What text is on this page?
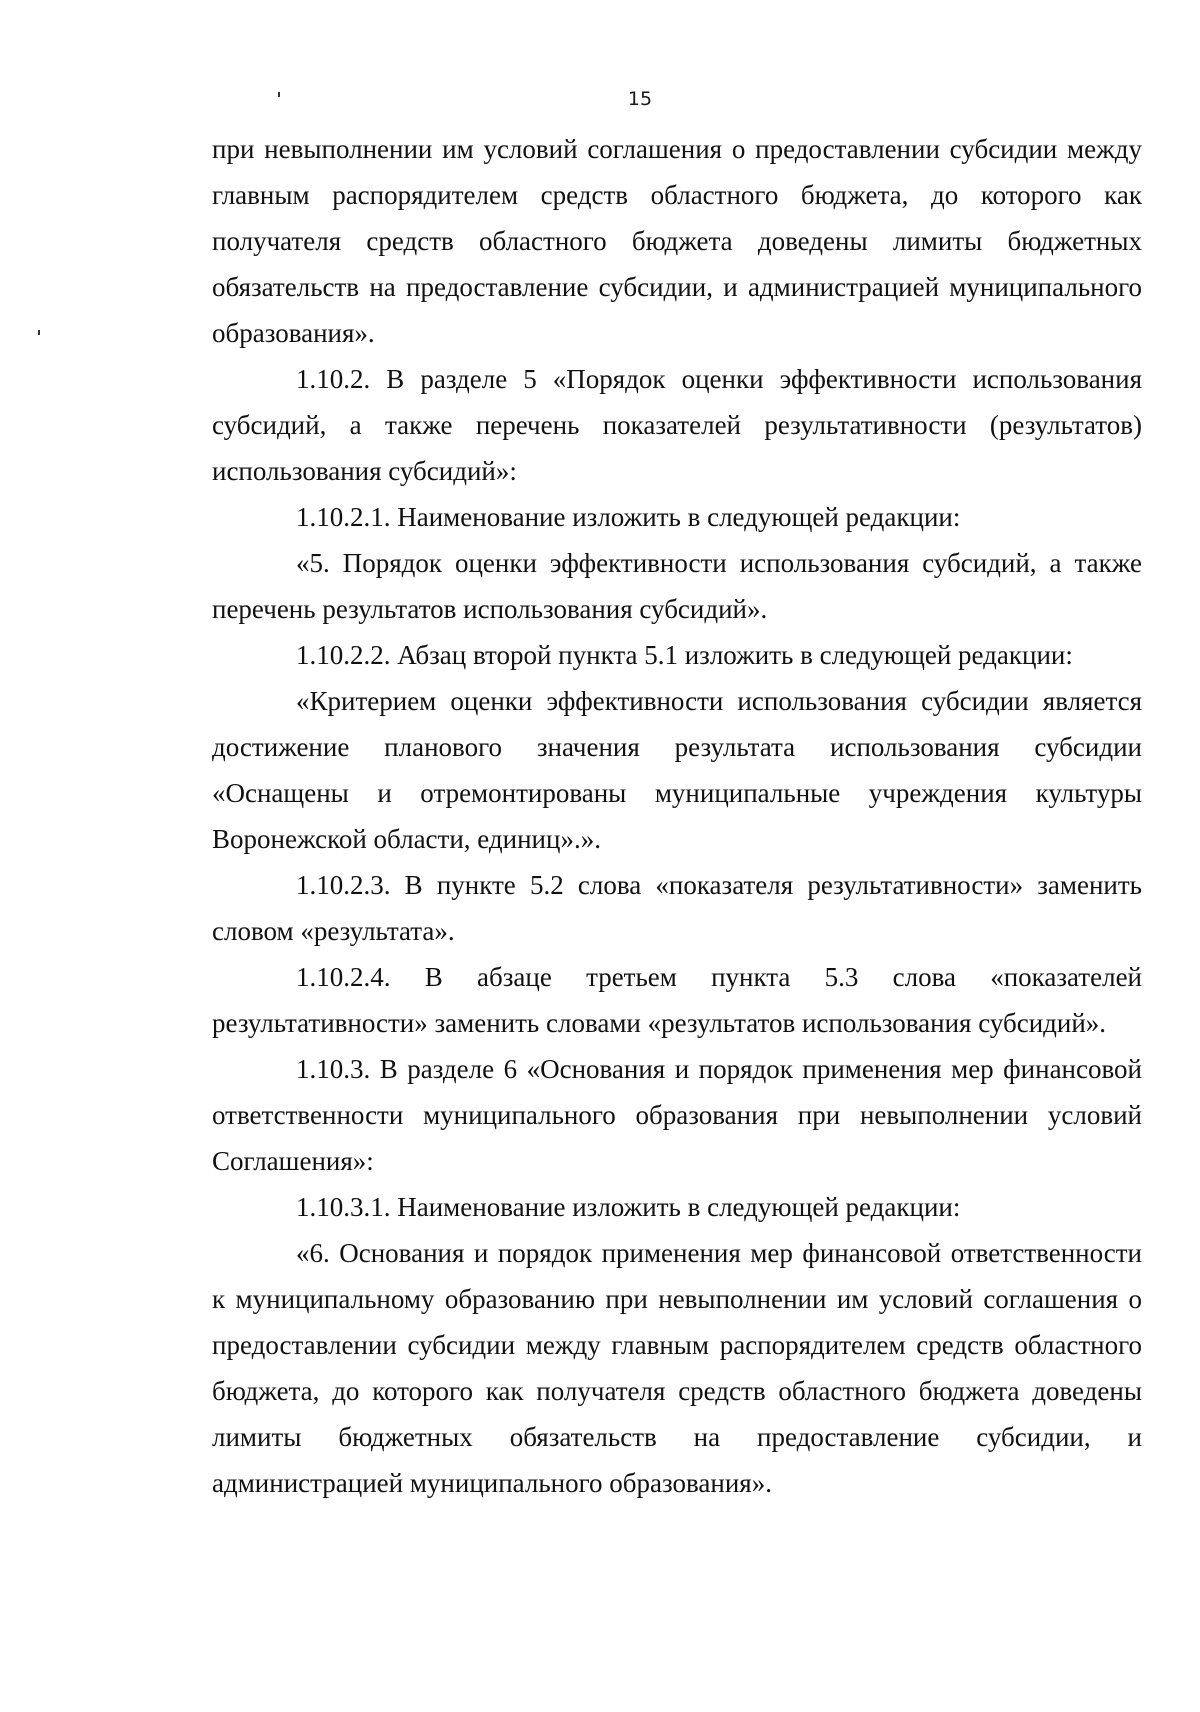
15

при невыполнении им условий соглашения о предоставлении субсидии между главным распорядителем средств областного бюджета, до которого как получателя средств областного бюджета доведены лимиты бюджетных обязательств на предоставление субсидии, и администрацией муниципального образования».

1.10.2. В разделе 5 «Порядок оценки эффективности использования субсидий, а также перечень показателей результативности (результатов) использования субсидий»:

1.10.2.1. Наименование изложить в следующей редакции:

«5. Порядок оценки эффективности использования субсидий, а также перечень результатов использования субсидий».

1.10.2.2. Абзац второй пункта 5.1 изложить в следующей редакции:

«Критерием оценки эффективности использования субсидии является достижение планового значения результата использования субсидии «Оснащены и отремонтированы муниципальные учреждения культуры Воронежской области, единиц».».

1.10.2.3. В пункте 5.2 слова «показателя результативности» заменить словом «результата».

1.10.2.4. В абзаце третьем пункта 5.3 слова «показателей результативности» заменить словами «результатов использования субсидий».

1.10.3. В разделе 6 «Основания и порядок применения мер финансовой ответственности муниципального образования при невыполнении условий Соглашения»:

1.10.3.1. Наименование изложить в следующей редакции:

«6. Основания и порядок применения мер финансовой ответственности к муниципальному образованию при невыполнении им условий соглашения о предоставлении субсидии между главным распорядителем средств областного бюджета, до которого как получателя средств областного бюджета доведены лимиты бюджетных обязательств на предоставление субсидии, и администрацией муниципального образования».
